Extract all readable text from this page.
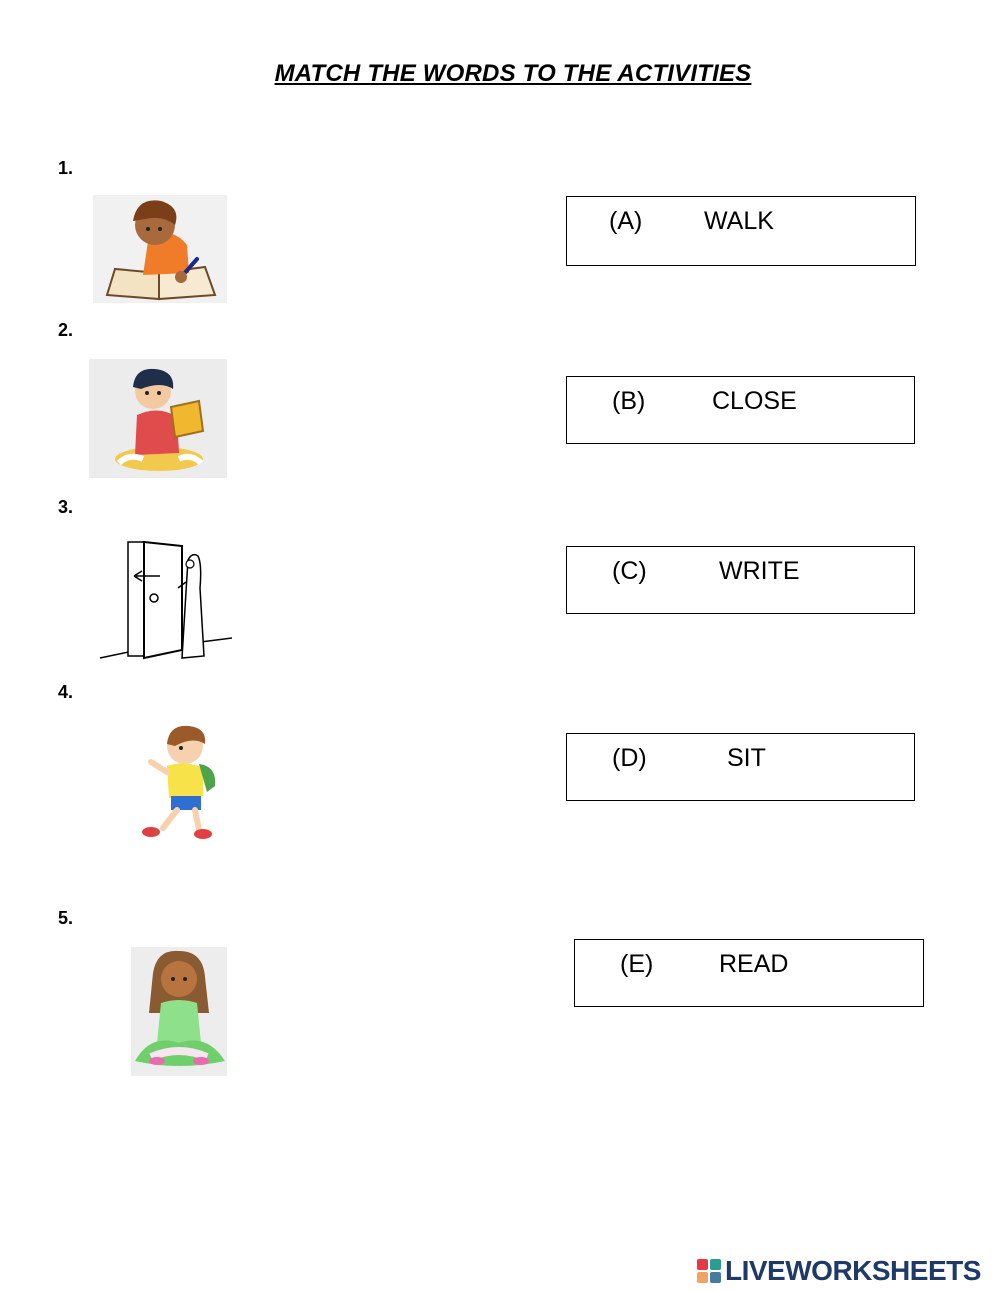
MATCH THE WORDS TO THE ACTIVITIES
1.
2.
3.
4.
5.
(A) WALK
(B)	CLOSE
(C)	WRITE
(D)	SIT
(E)	READ
LIVEWORKSHEETS
